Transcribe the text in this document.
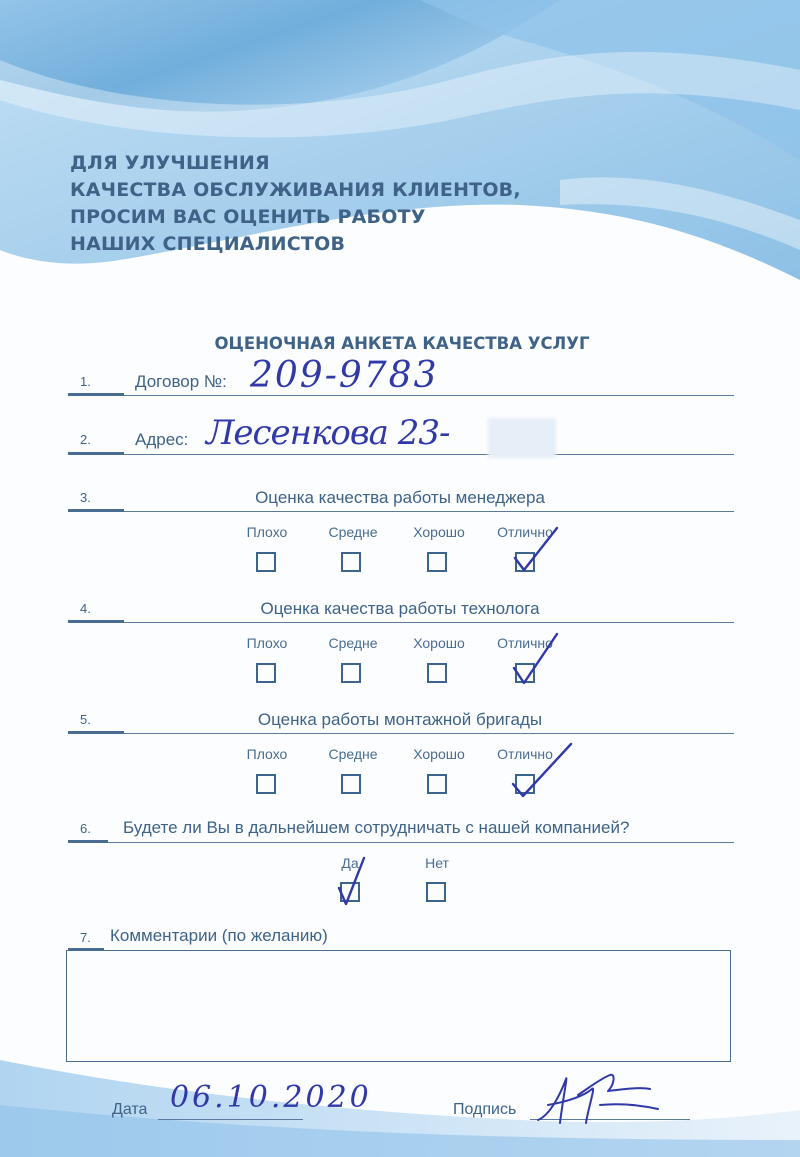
ДЛЯ УЛУЧШЕНИЯ
КАЧЕСТВА ОБСЛУЖИВАНИЯ КЛИЕНТОВ,
ПРОСИМ ВАС ОЦЕНИТЬ РАБОТУ
НАШИХ СПЕЦИАЛИСТОВ
ОЦЕНОЧНАЯ АНКЕТА КАЧЕСТВА УСЛУГ
1.	Договор №: 209-9783
2.	Адрес: Лесенкова 23-
3.	Оценка качества работы менеджера
Плохо	Средне	Хорошо	Отлично
4.	Оценка качества работы технолога
Плохо	Средне	Хорошо	Отлично
5.	Оценка работы монтажной бригады
Плохо	Средне	Хорошо	Отлично
6. Будете ли Вы в дальнейшем сотрудничать с нашей компанией?
Да	Нет
7. Комментарии (по желанию)
Дата 06.10.2020	Подпись
